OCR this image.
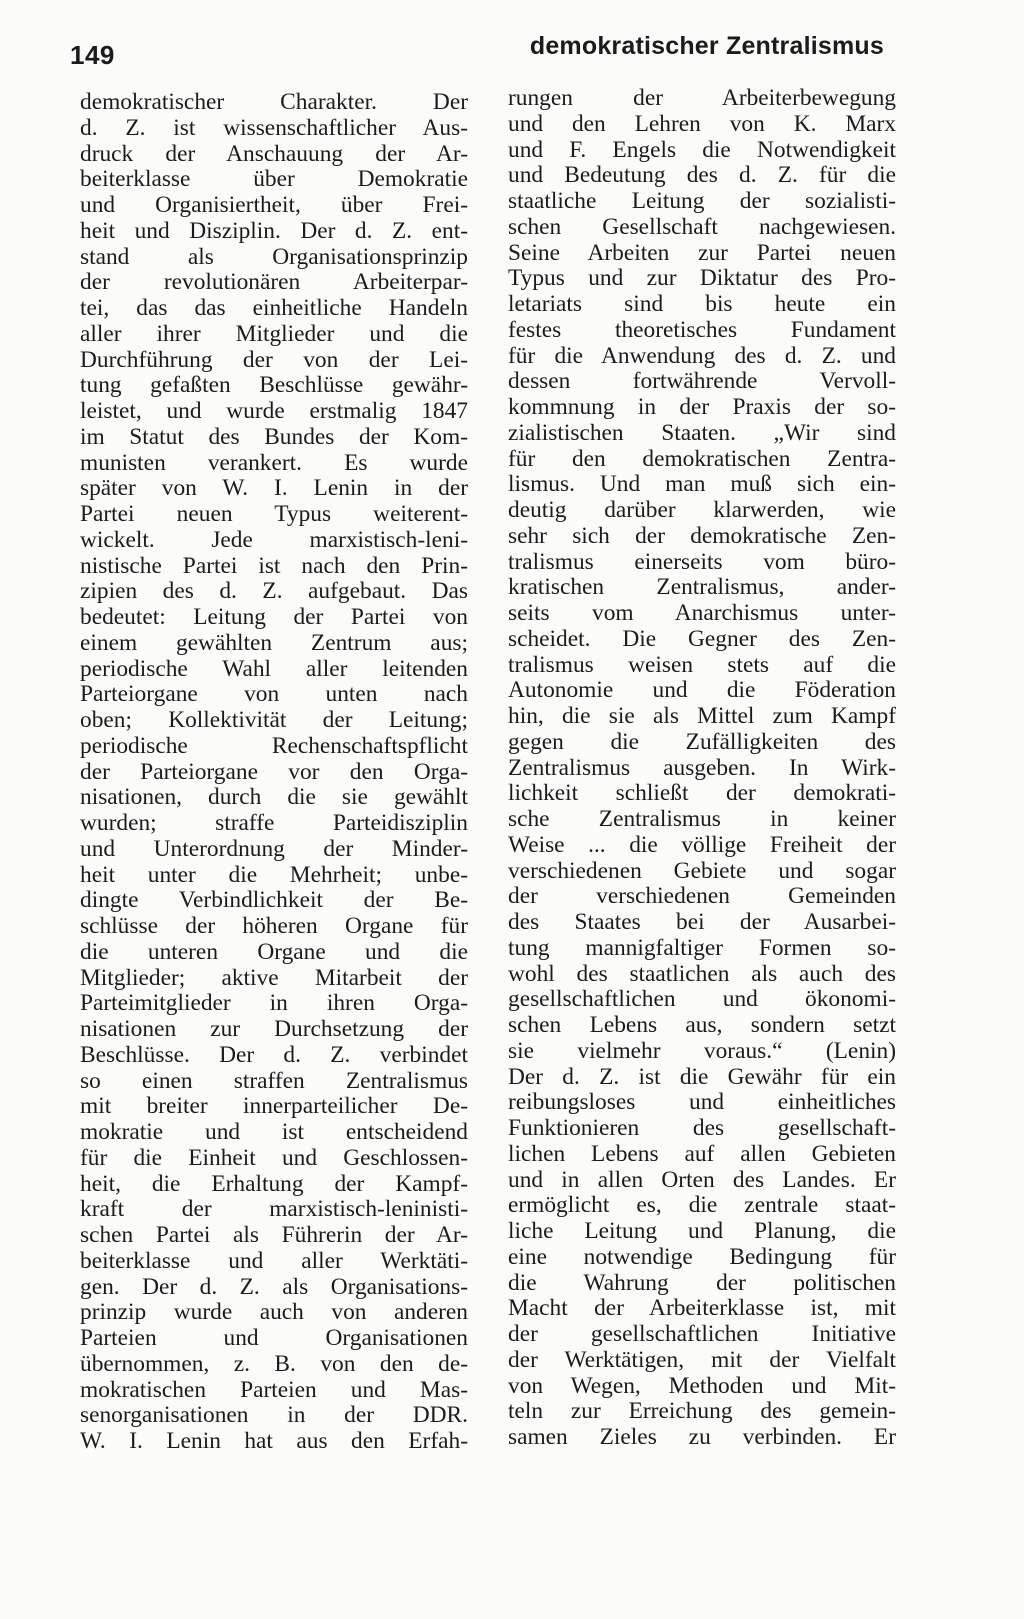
149	demokratischer Zentralismus
demokratischer Charakter. Der
d. Z. ist wissenschaftlicher Aus-
druck der Anschauung der Ar-
beiterklasse über Demokratie
und Organisiertheit, über Frei-
heit und Disziplin. Der d. Z. ent-
stand als Organisationsprinzip
der revolutionären Arbeiterpar-
tei, das das einheitliche Handeln
aller ihrer Mitglieder und die
Durchführung der von der Lei-
tung gefaßten Beschlüsse gewähr-
leistet, und wurde erstmalig 1847
im Statut des Bundes der Kom-
munisten verankert. Es wurde
später von W. I. Lenin in der
Partei neuen Typus weiterent-
wickelt. Jede marxistisch-leni-
nistische Partei ist nach den Prin-
zipien des d. Z. aufgebaut. Das
bedeutet: Leitung der Partei von
einem gewählten Zentrum aus;
periodische Wahl aller leitenden
Parteiorgane von unten nach
oben; Kollektivität der Leitung;
periodische Rechenschaftspflicht
der Parteiorgane vor den Orga-
nisationen, durch die sie gewählt
wurden; straffe Parteidisziplin
und Unterordnung der Minder-
heit unter die Mehrheit; unbe-
dingte Verbindlichkeit der Be-
schlüsse der höheren Organe für
die unteren Organe und die
Mitglieder; aktive Mitarbeit der
Parteimitglieder in ihren Orga-
nisationen zur Durchsetzung der
Beschlüsse. Der d. Z. verbindet
so einen straffen Zentralismus
mit breiter innerparteilicher De-
mokratie und ist entscheidend
für die Einheit und Geschlossen-
heit, die Erhaltung der Kampf-
kraft der marxistisch-leninisti-
schen Partei als Führerin der Ar-
beiterklasse und aller Werktäti-
gen. Der d. Z. als Organisations-
prinzip wurde auch von anderen
Parteien und Organisationen
übernommen, z. B. von den de-
mokratischen Parteien und Mas-
senorganisationen in der DDR.
W. I. Lenin hat aus den Erfah-
rungen der Arbeiterbewegung
und den Lehren von K. Marx
und F. Engels die Notwendigkeit
und Bedeutung des d. Z. für die
staatliche Leitung der sozialisti-
schen Gesellschaft nachgewiesen.
Seine Arbeiten zur Partei neuen
Typus und zur Diktatur des Pro-
letariats sind bis heute ein
festes theoretisches Fundament
für die Anwendung des d. Z. und
dessen fortwährende Vervoll-
kommnung in der Praxis der so-
zialistischen Staaten. „Wir sind
für den demokratischen Zentra-
lismus. Und man muß sich ein-
deutig darüber klarwerden, wie
sehr sich der demokratische Zen-
tralismus einerseits vom büro-
kratischen Zentralismus, ander-
seits vom Anarchismus unter-
scheidet. Die Gegner des Zen-
tralismus weisen stets auf die
Autonomie und die Föderation
hin, die sie als Mittel zum Kampf
gegen die Zufälligkeiten des
Zentralismus ausgeben. In Wirk-
lichkeit schließt der demokrati-
sche Zentralismus in keiner
Weise ... die völlige Freiheit der
verschiedenen Gebiete und sogar
der verschiedenen Gemeinden
des Staates bei der Ausarbei-
tung mannigfaltiger Formen so-
wohl des staatlichen als auch des
gesellschaftlichen und ökonomi-
schen Lebens aus, sondern setzt
sie vielmehr voraus.“ (Lenin)
Der d. Z. ist die Gewähr für ein
reibungsloses und einheitliches
Funktionieren des gesellschaft-
lichen Lebens auf allen Gebieten
und in allen Orten des Landes. Er
ermöglicht es, die zentrale staat-
liche Leitung und Planung, die
eine notwendige Bedingung für
die Wahrung der politischen
Macht der Arbeiterklasse ist, mit
der gesellschaftlichen Initiative
der Werktätigen, mit der Vielfalt
von Wegen, Methoden und Mit-
teln zur Erreichung des gemein-
samen Zieles zu verbinden. Er
